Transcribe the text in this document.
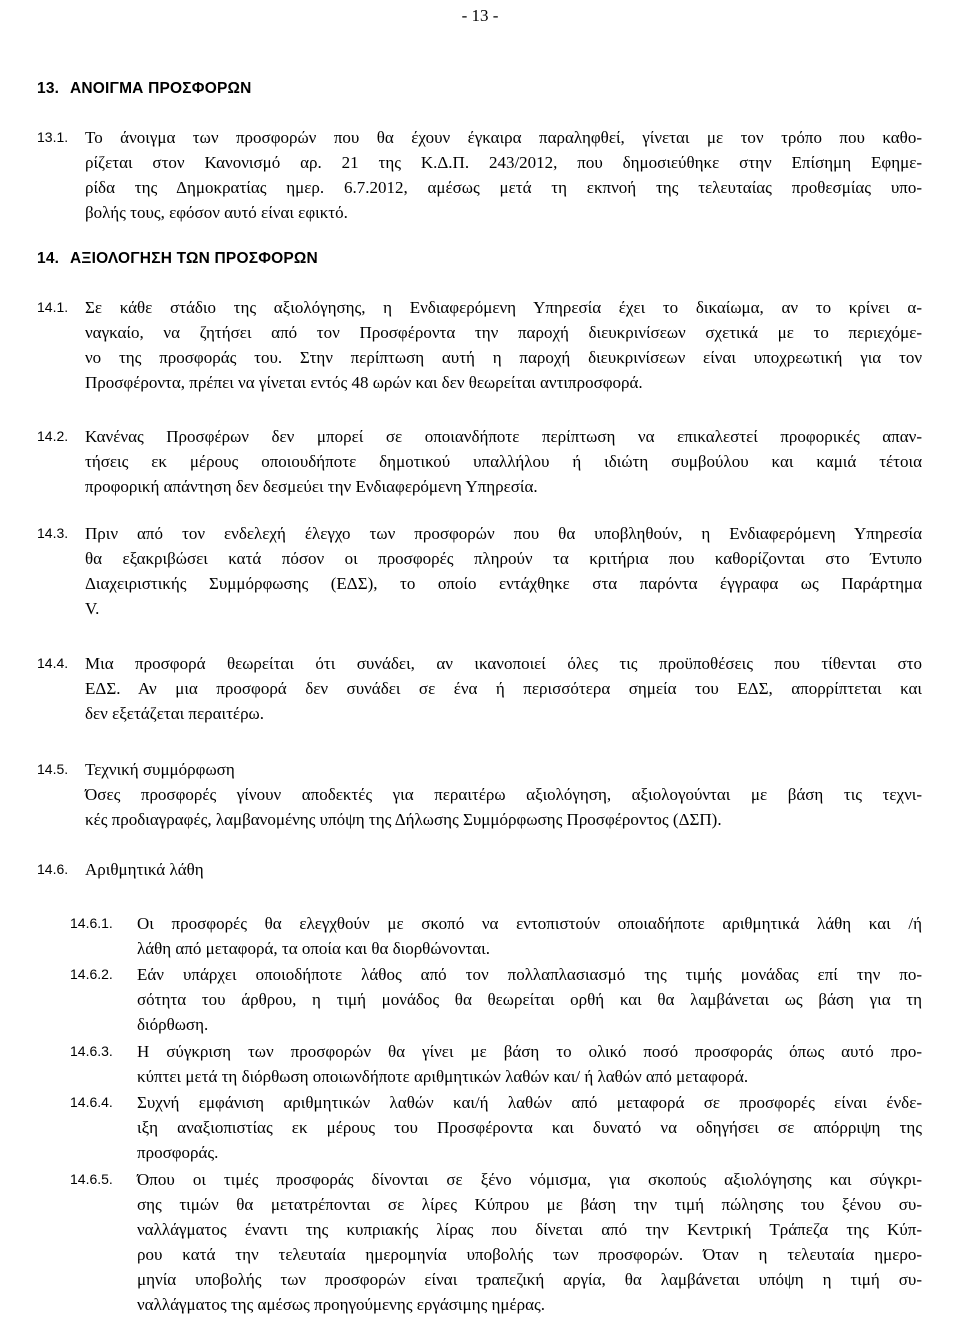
- 13 -
13. ΑΝΟΙΓΜΑ ΠΡΟΣΦΟΡΩΝ
13.1. Το άνοιγμα των προσφορών που θα έχουν έγκαιρα παραληφθεί, γίνεται με τον τρόπο που καθο-
ρίζεται στον Κανονισμό αρ. 21 της Κ.Δ.Π. 243/2012, που δημοσιεύθηκε στην Επίσημη Εφημε-
ρίδα της Δημοκρατίας ημερ. 6.7.2012, αμέσως μετά τη εκπνοή της τελευταίας προθεσμίας υπο-
βολής τους, εφόσον αυτό είναι εφικτό.
14. ΑΞΙΟΛΟΓΗΣΗ ΤΩΝ ΠΡΟΣΦΟΡΩΝ
14.1. Σε κάθε στάδιο της αξιολόγησης, η Ενδιαφερόμενη Υπηρεσία έχει το δικαίωμα, αν το κρίνει α-
ναγκαίο, να ζητήσει από τον Προσφέροντα την παροχή διευκρινίσεων σχετικά με το περιεχόμε-
νο της προσφοράς του. Στην περίπτωση αυτή η παροχή διευκρινίσεων είναι υποχρεωτική για τον
Προσφέροντα, πρέπει να γίνεται εντός 48 ωρών και δεν θεωρείται αντιπροσφορά.
14.2. Κανένας Προσφέρων δεν μπορεί σε οποιανδήποτε περίπτωση να επικαλεστεί προφορικές απαν-
τήσεις εκ μέρους οποιουδήποτε δημοτικού υπαλλήλου ή ιδιώτη συμβούλου και καμιά τέτοια
προφορική απάντηση δεν δεσμεύει την Ενδιαφερόμενη Υπηρεσία.
14.3. Πριν από τον ενδελεχή έλεγχο των προσφορών που θα υποβληθούν, η Ενδιαφερόμενη Υπηρεσία
θα εξακριβώσει κατά πόσον οι προσφορές πληρούν τα κριτήρια που καθορίζονται στο Έντυπο
Διαχειριστικής Συμμόρφωσης (ΕΔΣ), το οποίο εντάχθηκε στα παρόντα έγγραφα ως Παράρτημα
V.
14.4. Μια προσφορά θεωρείται ότι συνάδει, αν ικανοποιεί όλες τις προϋποθέσεις που τίθενται στο
ΕΔΣ. Αν μια προσφορά δεν συνάδει σε ένα ή περισσότερα σημεία του ΕΔΣ, απορρίπτεται και
δεν εξετάζεται περαιτέρω.
14.5. Τεχνική συμμόρφωση
Όσες προσφορές γίνουν αποδεκτές για περαιτέρω αξιολόγηση, αξιολογούνται με βάση τις τεχνι-
κές προδιαγραφές, λαμβανομένης υπόψη της Δήλωσης Συμμόρφωσης Προσφέροντος (ΔΣΠ).
14.6. Αριθμητικά λάθη
14.6.1. Οι προσφορές θα ελεγχθούν με σκοπό να εντοπιστούν οποιαδήποτε αριθμητικά λάθη και /ή
λάθη από μεταφορά, τα οποία και θα διορθώνονται.
14.6.2. Εάν υπάρχει οποιοδήποτε λάθος από τον πολλαπλασιασμό της τιμής μονάδας επί την πο-
σότητα του άρθρου, η τιμή μονάδος θα θεωρείται ορθή και θα λαμβάνεται ως βάση για τη
διόρθωση.
14.6.3. Η σύγκριση των προσφορών θα γίνει με βάση το ολικό ποσό προσφοράς όπως αυτό προ-
κύπτει μετά τη διόρθωση οποιωνδήποτε αριθμητικών λαθών και/ ή λαθών από μεταφορά.
14.6.4. Συχνή εμφάνιση αριθμητικών λαθών και/ή λαθών από μεταφορά σε προσφορές είναι ένδε-
ιξη αναξιοπιστίας εκ μέρους του Προσφέροντα και δυνατό να οδηγήσει σε απόρριψη της
προσφοράς.
14.6.5. Όπου οι τιμές προσφοράς δίνονται σε ξένο νόμισμα, για σκοπούς αξιολόγησης και σύγκρι-
σης τιμών θα μετατρέπονται σε λίρες Κύπρου με βάση την τιμή πώλησης του ξένου συ-
ναλλάγματος έναντι της κυπριακής λίρας που δίνεται από την Κεντρική Τράπεζα της Κύπ-
ρου κατά την τελευταία ημερομηνία υποβολής των προσφορών. Όταν η τελευταία ημερο-
μηνία υποβολής των προσφορών είναι τραπεζική αργία, θα λαμβάνεται υπόψη η τιμή συ-
ναλλάγματος της αμέσως προηγούμενης εργάσιμης ημέρας.
